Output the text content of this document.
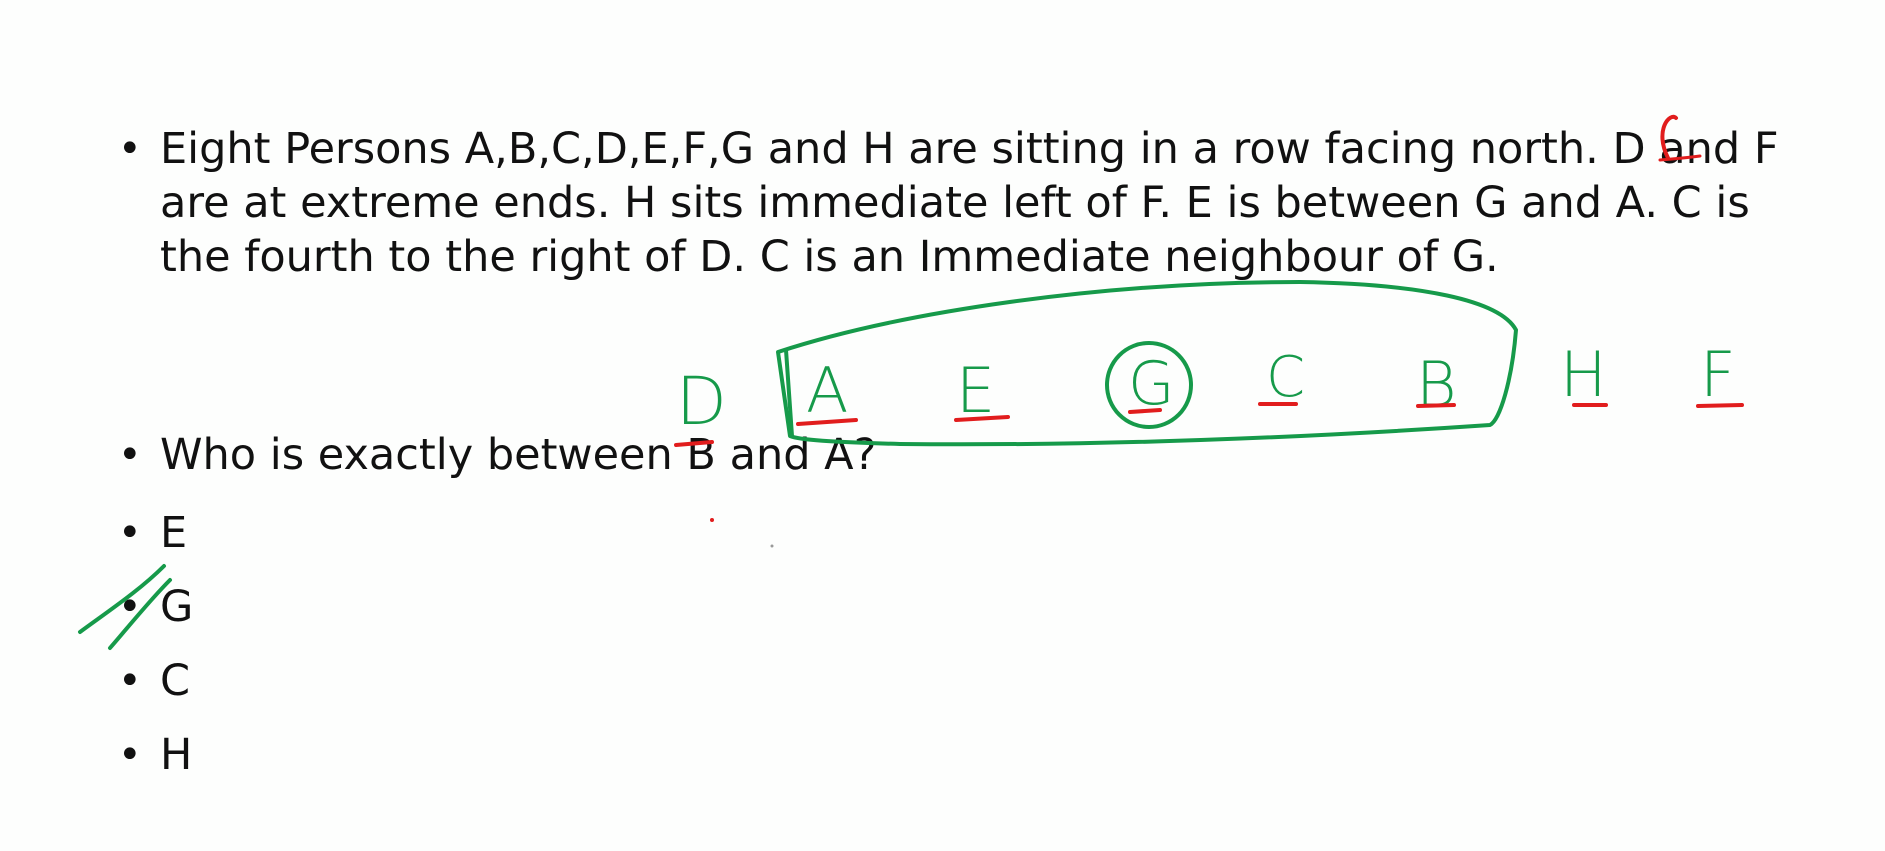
• Eight Persons A,B,C,D,E,F,G and H are sitting in a row facing north. D and F are at extreme ends. H sits immediate left of F. E is between G and A. C is the fourth to the right of D. C is an Immediate neighbour of G.
• Who is exactly between B and A?
• E
• G
• C
• H
D A E G C B H F
